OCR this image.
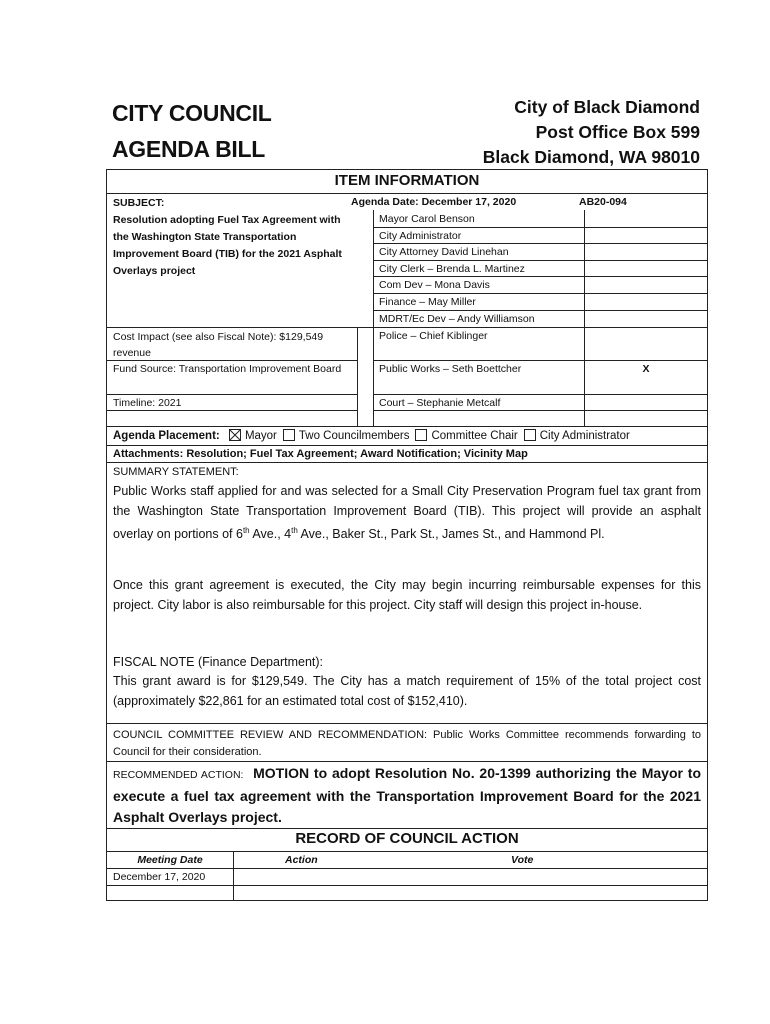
CITY COUNCIL
AGENDA BILL
City of Black Diamond
Post Office Box 599
Black Diamond, WA 98010
ITEM INFORMATION
SUBJECT:
Resolution adopting Fuel Tax Agreement with the Washington State Transportation Improvement Board (TIB) for the 2021 Asphalt Overlays project
Agenda Date: December 17, 2020	AB20-094
Cost Impact (see also Fiscal Note): $129,549 revenue
Fund Source: Transportation Improvement Board
Timeline: 2021
Mayor Carol Benson
City Administrator
City Attorney David Linehan
City Clerk – Brenda L. Martinez
Com Dev – Mona Davis
Finance – May Miller
MDRT/Ec Dev – Andy Williamson
Police – Chief Kiblinger
Public Works – Seth Boettcher	X
Court – Stephanie Metcalf
Agenda Placement: Mayor Two Councilmembers Committee Chair City Administrator
Attachments: Resolution; Fuel Tax Agreement; Award Notification; Vicinity Map
SUMMARY STATEMENT:
Public Works staff applied for and was selected for a Small City Preservation Program fuel tax grant from the Washington State Transportation Improvement Board (TIB). This project will provide an asphalt overlay on portions of 6th Ave., 4th Ave., Baker St., Park St., James St., and Hammond Pl.
Once this grant agreement is executed, the City may begin incurring reimbursable expenses for this project. City labor is also reimbursable for this project. City staff will design this project in-house.
FISCAL NOTE (Finance Department):
This grant award is for $129,549. The City has a match requirement of 15% of the total project cost (approximately $22,861 for an estimated total cost of $152,410).
COUNCIL COMMITTEE REVIEW AND RECOMMENDATION: Public Works Committee recommends forwarding to Council for their consideration.
RECOMMENDED ACTION: MOTION to adopt Resolution No. 20-1399 authorizing the Mayor to execute a fuel tax agreement with the Transportation Improvement Board for the 2021 Asphalt Overlays project.
RECORD OF COUNCIL ACTION
Meeting Date	Action	Vote
December 17, 2020
